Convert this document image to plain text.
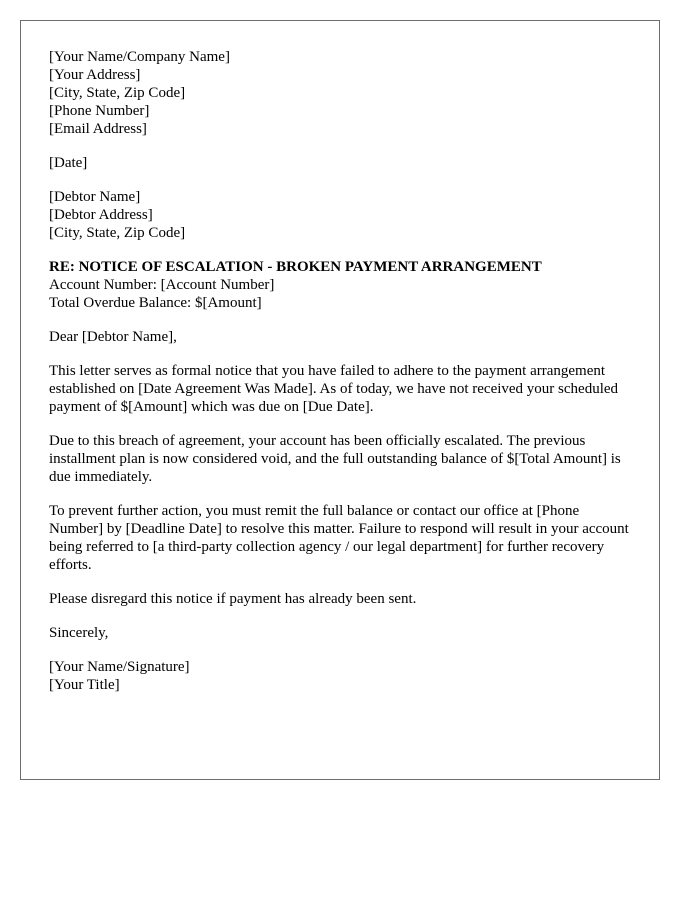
[Your Name/Company Name]
[Your Address]
[City, State, Zip Code]
[Phone Number]
[Email Address]
[Date]
[Debtor Name]
[Debtor Address]
[City, State, Zip Code]
RE: NOTICE OF ESCALATION - BROKEN PAYMENT ARRANGEMENT
Account Number: [Account Number]
Total Overdue Balance: $[Amount]
Dear [Debtor Name],

This letter serves as formal notice that you have failed to adhere to the payment arrangement established on [Date Agreement Was Made]. As of today, we have not received your scheduled payment of $[Amount] which was due on [Due Date].

Due to this breach of agreement, your account has been officially escalated. The previous installment plan is now considered void, and the full outstanding balance of $[Total Amount] is due immediately.

To prevent further action, you must remit the full balance or contact our office at [Phone Number] by [Deadline Date] to resolve this matter. Failure to respond will result in your account being referred to [a third-party collection agency / our legal department] for further recovery efforts.

Please disregard this notice if payment has already been sent.

Sincerely,
[Your Name/Signature]
[Your Title]
